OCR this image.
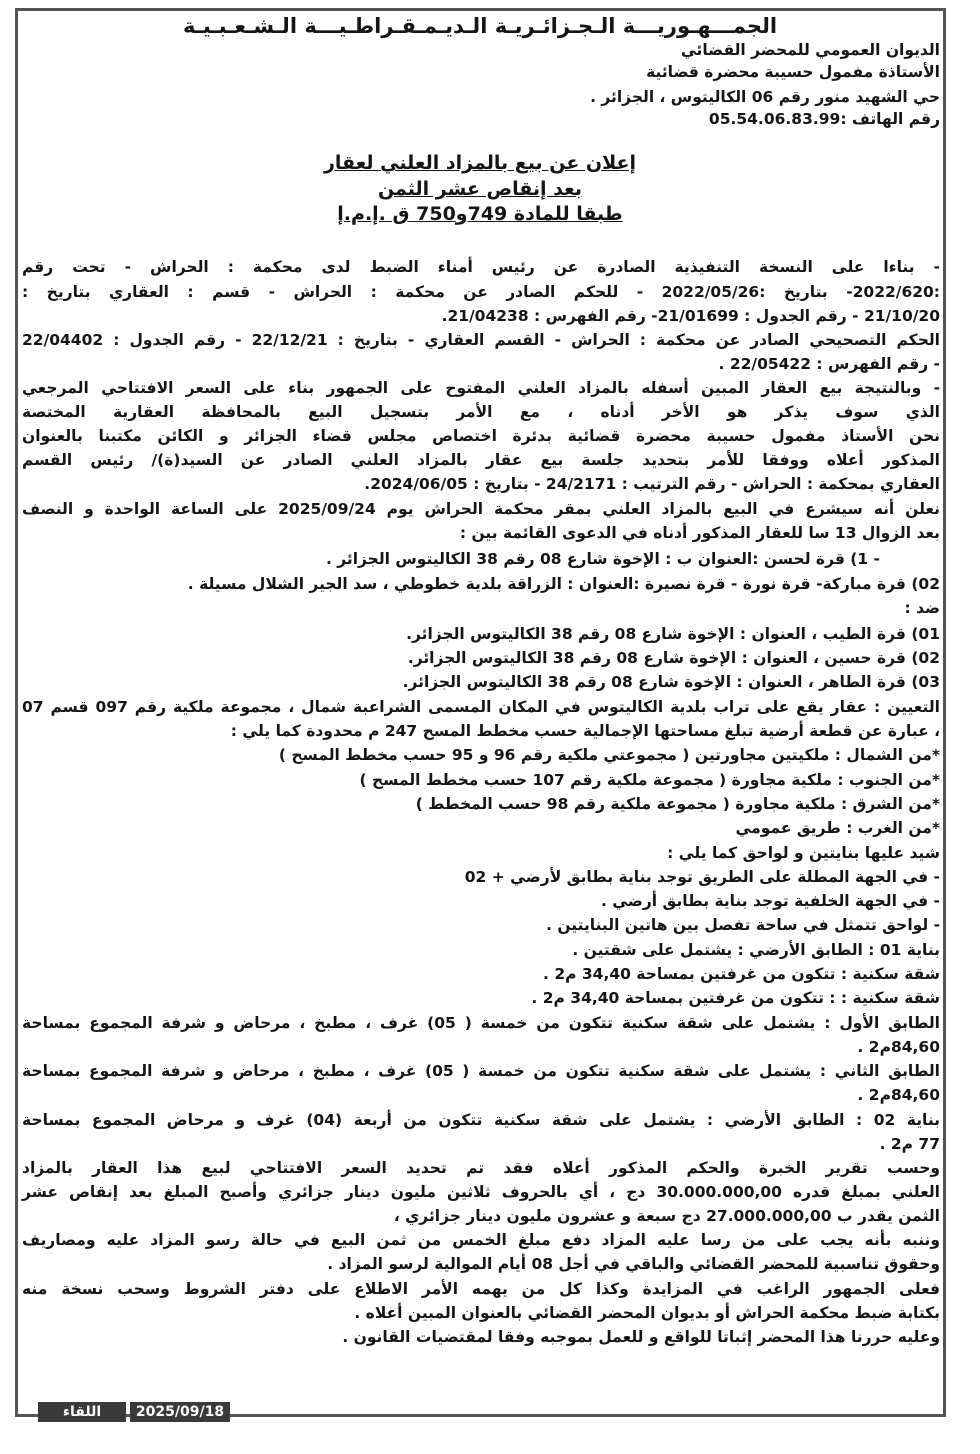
الجمـــهـوريـــة الـجـزائـريـة الـديـمـقـراطـيـــة الـشـعـبـيـة
الديوان العمومي للمحضر القضائي
الأستاذة مفمول حسيبة محضرة قضائية
حي الشهيد منور رقم 06 الكاليتوس ، الجزائر .
رقم الهاتف :05.54.06.83.99
إعلان عن بيع بالمزاد العلني لعقار
بعد إنقاص عشر الثمن
طبقا للمادة 749و750 ق .إ.م.إ
- بناءا على النسخة التنفيذية الصادرة عن رئيس أمناء الضبط لدى محكمة : الحراش - تحت رقم
:2022/620- بتاريخ :2022/05/26 - للحكم الصادر عن محكمة : الحراش - قسم : العقاري بتاريخ :
21/10/20 - رقم الجدول : 21/01699- رقم الفهرس : 21/04238.
الحكم التصحيحي الصادر عن محكمة : الحراش - القسم العقاري - بتاريخ : 22/12/21 - رقم الجدول : 22/04402
- رقم الفهرس : 22/05422 .
- وبالنتيجة بيع العقار المبين أسفله بالمزاد العلني المفتوح على الجمهور بناء على السعر الافتتاحي المرجعي
الذي سوف يذكر هو الأخر أدناه ، مع الأمر بتسجيل البيع بالمحافظة العقارية المختصة
نحن الأستاذ مفمول حسيبة محضرة قضائية بدئرة اختصاص مجلس قضاء الجزائر و الكائن مكتبنا بالعنوان
المذكور أعلاه ووفقا للأمر بتحديد جلسة بيع عقار بالمزاد العلني الصادر عن السيد(ة)/ رئيس القسم
العقاري بمحكمة : الحراش - رقم الترتيب : 24/2171 - بتاريخ : 2024/06/05.
نعلن أنه سيشرع في البيع بالمزاد العلني بمقر محكمة الحراش يوم 2025/09/24 على الساعة الواحدة و النصف
بعد الزوال 13 سا للعقار المذكور أدناه في الدعوى القائمة بين :
- 1) قرة لحسن :العنوان ب : الإخوة شارع 08 رقم 38 الكاليتوس الجزائر .
02) قرة مباركة- قرة نورة - قرة نصيرة :العنوان : الزراقة بلدية خطوطي ، سد الجير الشلال مسيلة .
ضد :
01) قرة الطيب ، العنوان : الإخوة شارع 08 رقم 38 الكاليتوس الجزائر.
02) قرة حسين ، العنوان : الإخوة شارع 08 رقم 38 الكاليتوس الجزائر.
03) قرة الطاهر ، العنوان : الإخوة شارع 08 رقم 38 الكاليتوس الجزائر.
التعيين : عقار يقع على تراب بلدية الكاليتوس في المكان المسمى الشراعبة شمال ، مجموعة ملكية رقم 097 قسم 07
، عبارة عن قطعة أرضية تبلغ مساحتها الإجمالية حسب مخطط المسح 247 م محدودة كما يلي :
*من الشمال : ملكيتين مجاورتين ( مجموعتي ملكية رقم 96 و 95 حسب مخطط المسح )
*من الجنوب : ملكية مجاورة ( مجموعة ملكية رقم 107 حسب مخطط المسح )
*من الشرق : ملكية مجاورة ( مجموعة ملكية رقم 98 حسب المخطط )
*من الغرب : طريق عمومي
شيد عليها بنايتين و لواحق كما يلي :
- في الجهة المطلة على الطريق توجد بناية بطابق لأرضي + 02
- في الجهة الخلفية توجد بناية بطابق أرضي .
- لواحق تتمثل في ساحة تفصل بين هاتين البنايتين .
بناية 01 : الطابق الأرضي : يشتمل على شقتين .
شقة سكنية : تتكون من غرفتين بمساحة 34,40 م2 .
شقة سكنية : : تتكون من غرفتين بمساحة 34,40 م2 .
الطابق الأول : يشتمل على شقة سكنية تتكون من خمسة ( 05) غرف ، مطبخ ، مرحاض و شرفة المجموع بمساحة
84,60م2 .
الطابق الثاني : يشتمل على شقة سكنية تتكون من خمسة ( 05) غرف ، مطبخ ، مرحاض و شرفة المجموع بمساحة
84,60م2 .
بناية 02 : الطابق الأرضي : يشتمل على شقة سكنية تتكون من أربعة (04) غرف و مرحاض المجموع بمساحة
77 م2 .
وحسب تقرير الخبرة والحكم المذكور أعلاه فقد تم تحديد السعر الافتتاحي لبيع هذا العقار بالمزاد
العلني بمبلغ قدره 30.000.000,00 دج ، أي بالحروف ثلاثين مليون دينار جزائري وأصبح المبلغ بعد إنقاص عشر
الثمن يقدر ب 27.000.000,00 دج سبعة و عشرون مليون دينار جزائري ،
وننبه بأنه يجب على من رسا عليه المزاد دفع مبلغ الخمس من ثمن البيع في حالة رسو المزاد عليه ومصاريف
وحقوق تناسبية للمحضر القضائي والباقي في أجل 08 أيام الموالية لرسو المزاد .
فعلى الجمهور الراغب في المزايدة وكذا كل من يهمه الأمر الاطلاع على دفتر الشروط وسحب نسخة منه
بكتابة ضبط محكمة الحراش أو بديوان المحضر القضائي بالعنوان المبين أعلاه .
وعليه حررنا هذا المحضر إثباتا للواقع و للعمل بموجبه وفقا لمقتضيات القانون .
اللقاء	2025/09/18
